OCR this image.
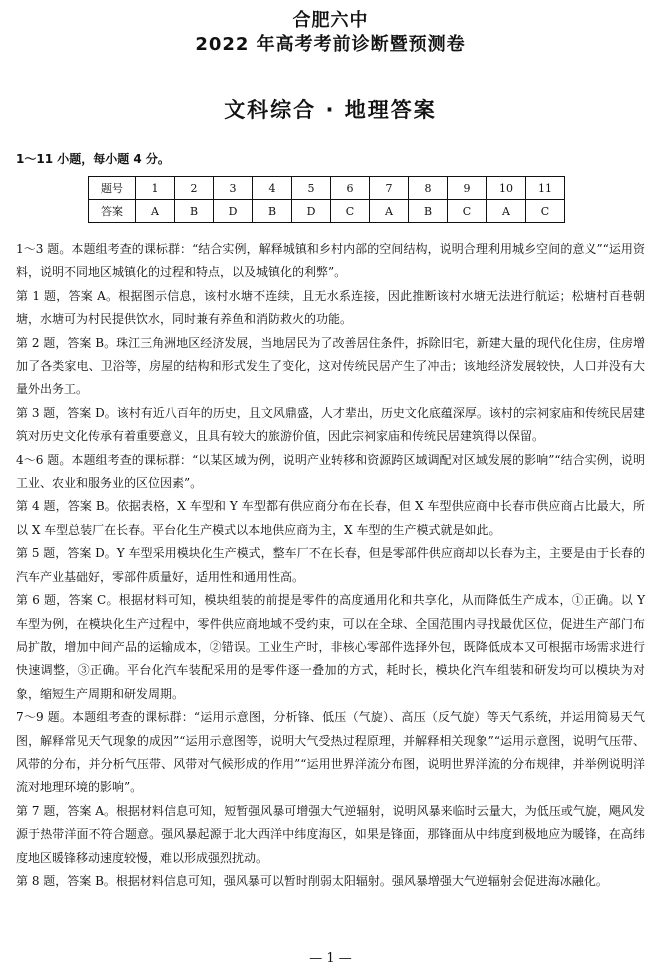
合肥六中
2022 年高考考前诊断暨预测卷
文科综合 · 地理答案
1～11 小题，每小题 4 分。
题号	1	2	3	4	5	6	7	8	9	10	11
答案	A	B	D	B	D	C	A	B	C	A	C

1～3 题。本题组考查的课标群：“结合实例，解释城镇和乡村内部的空间结构，说明合理利用城乡空间的意义”“运用资料，说明不同地区城镇化的过程和特点，以及城镇化的利弊”。

第 1 题，答案 A。根据图示信息，该村水塘不连续，且无水系连接，因此推断该村水塘无法进行航运；松塘村百巷朝塘，水塘可为村民提供饮水，同时兼有养鱼和消防救火的功能。

第 2 题，答案 B。珠江三角洲地区经济发展，当地居民为了改善居住条件，拆除旧宅，新建大量的现代化住房，住房增加了各类家电、卫浴等，房屋的结构和形式发生了变化，这对传统民居产生了冲击；该地经济发展较快，人口并没有大量外出务工。

第 3 题，答案 D。该村有近八百年的历史，且文风鼎盛，人才辈出，历史文化底蕴深厚。该村的宗祠家庙和传统民居建筑对历史文化传承有着重要意义，且具有较大的旅游价值，因此宗祠家庙和传统民居建筑得以保留。

4～6 题。本题组考查的课标群：“以某区域为例，说明产业转移和资源跨区域调配对区域发展的影响”“结合实例，说明工业、农业和服务业的区位因素”。

第 4 题，答案 B。依据表格，X 车型和 Y 车型都有供应商分布在长春，但 X 车型供应商中长春市供应商占比最大，所以 X 车型总装厂在长春。平台化生产模式以本地供应商为主，X 车型的生产模式就是如此。

第 5 题，答案 D。Y 车型采用模块化生产模式，整车厂不在长春，但是零部件供应商却以长春为主，主要是由于长春的汽车产业基础好，零部件质量好，适用性和通用性高。

第 6 题，答案 C。根据材料可知，模块组装的前提是零件的高度通用化和共享化，从而降低生产成本，①正确。以 Y 车型为例，在模块化生产过程中，零件供应商地域不受约束，可以在全球、全国范围内寻找最优区位，促进生产部门布局扩散，增加中间产品的运输成本，②错误。工业生产时，非核心零部件选择外包，既降低成本又可根据市场需求进行快速调整，③正确。平台化汽车装配采用的是零件逐一叠加的方式，耗时长，模块化汽车组装和研发均可以模块为对象，缩短生产周期和研发周期。

7～9 题。本题组考查的课标群：“运用示意图，分析锋、低压（气旋）、高压（反气旋）等天气系统，并运用简易天气图，解释常见天气现象的成因”“运用示意图等，说明大气受热过程原理，并解释相关现象”“运用示意图，说明气压带、风带的分布，并分析气压带、风带对气候形成的作用”“运用世界洋流分布图，说明世界洋流的分布规律，并举例说明洋流对地理环境的影响”。

第 7 题，答案 A。根据材料信息可知，短暂强风暴可增强大气逆辐射，说明风暴来临时云量大，为低压或气旋，飓风发源于热带洋面不符合题意。强风暴起源于北大西洋中纬度海区，如果是锋面，那锋面从中纬度到极地应为暖锋，在高纬度地区暖锋移动速度较慢，难以形成强烈扰动。

第 8 题，答案 B。根据材料信息可知，强风暴可以暂时削弱太阳辐射。强风暴增强大气逆辐射会促进海冰融化。

— 1 —
